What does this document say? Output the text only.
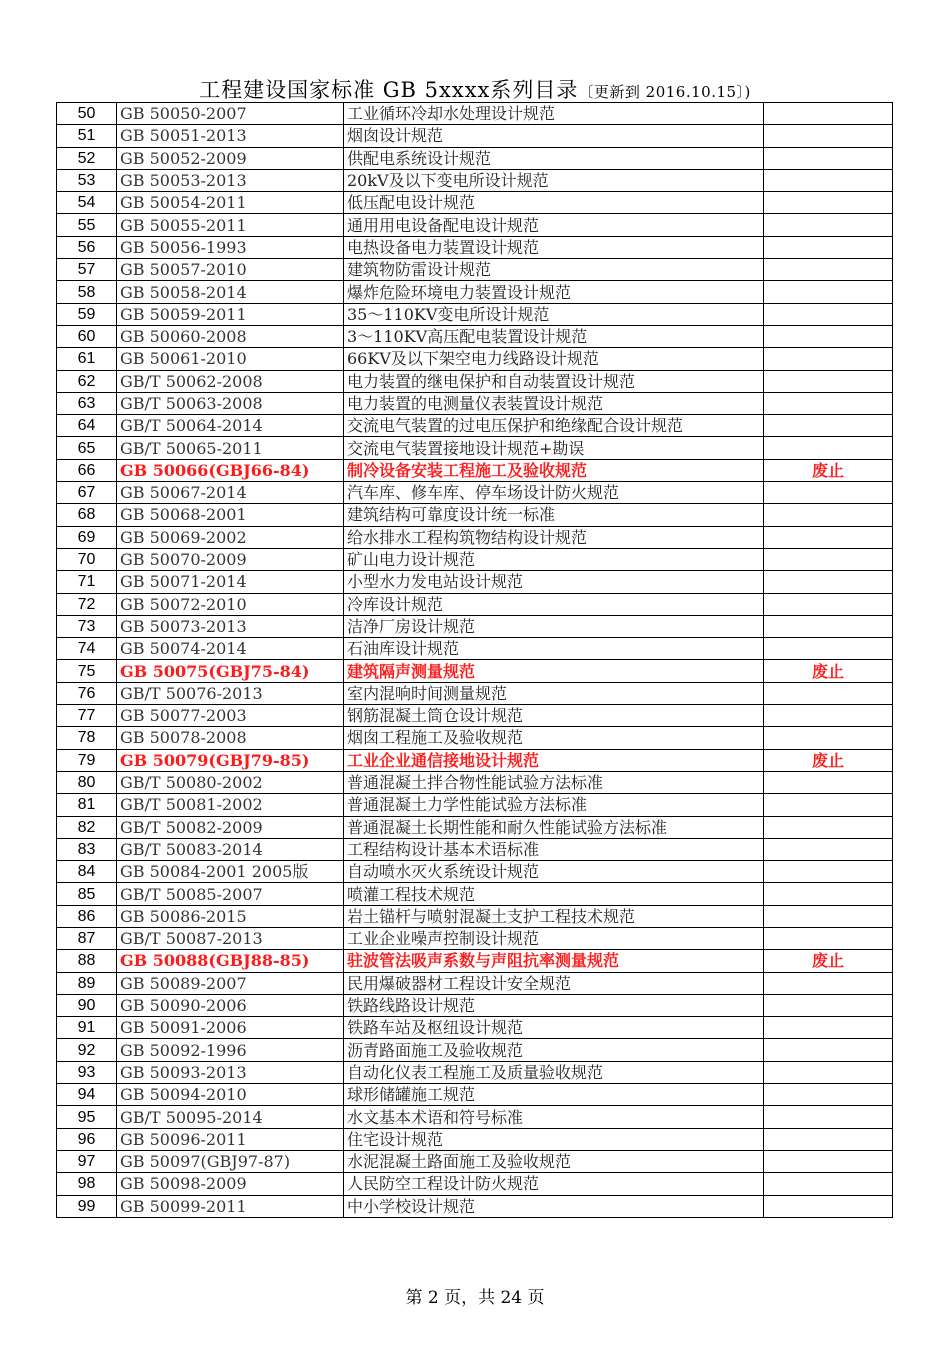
工程建设国家标准 GB 5xxxx系列目录〔更新到 2016.10.15〕)
50	GB 50050-2007	工业循环冷却水处理设计规范	
51	GB 50051-2013	烟囱设计规范	
52	GB 50052-2009	供配电系统设计规范	
53	GB 50053-2013	20kV及以下变电所设计规范	
54	GB 50054-2011	低压配电设计规范	
55	GB 50055-2011	通用用电设备配电设计规范	
56	GB 50056-1993	电热设备电力装置设计规范	
57	GB 50057-2010	建筑物防雷设计规范	
58	GB 50058-2014	爆炸危险环境电力装置设计规范	
59	GB 50059-2011	35～110KV变电所设计规范	
60	GB 50060-2008	3～110KV高压配电装置设计规范	
61	GB 50061-2010	66KV及以下架空电力线路设计规范	
62	GB/T 50062-2008	电力装置的继电保护和自动装置设计规范	
63	GB/T 50063-2008	电力装置的电测量仪表装置设计规范	
64	GB/T 50064-2014	交流电气装置的过电压保护和绝缘配合设计规范	
65	GB/T 50065-2011	交流电气装置接地设计规范+勘误	
66	GB 50066(GBJ66-84)	制冷设备安装工程施工及验收规范	废止
67	GB 50067-2014	汽车库、修车库、停车场设计防火规范	
68	GB 50068-2001	建筑结构可靠度设计统一标准	
69	GB 50069-2002	给水排水工程构筑物结构设计规范	
70	GB 50070-2009	矿山电力设计规范	
71	GB 50071-2014	小型水力发电站设计规范	
72	GB 50072-2010	冷库设计规范	
73	GB 50073-2013	洁净厂房设计规范	
74	GB 50074-2014	石油库设计规范	
75	GB 50075(GBJ75-84)	建筑隔声测量规范	废止
76	GB/T 50076-2013	室内混响时间测量规范	
77	GB 50077-2003	钢筋混凝土筒仓设计规范	
78	GB 50078-2008	烟囱工程施工及验收规范	
79	GB 50079(GBJ79-85)	工业企业通信接地设计规范	废止
80	GB/T 50080-2002	普通混凝土拌合物性能试验方法标准	
81	GB/T 50081-2002	普通混凝土力学性能试验方法标准	
82	GB/T 50082-2009	普通混凝土长期性能和耐久性能试验方法标准	
83	GB/T 50083-2014	工程结构设计基本术语标准	
84	GB 50084-2001 2005版	自动喷水灭火系统设计规范	
85	GB/T 50085-2007	喷灌工程技术规范	
86	GB 50086-2015	岩土锚杆与喷射混凝土支护工程技术规范	
87	GB/T 50087-2013	工业企业噪声控制设计规范	
88	GB 50088(GBJ88-85)	驻波管法吸声系数与声阻抗率测量规范	废止
89	GB 50089-2007	民用爆破器材工程设计安全规范	
90	GB 50090-2006	铁路线路设计规范	
91	GB 50091-2006	铁路车站及枢纽设计规范	
92	GB 50092-1996	沥青路面施工及验收规范	
93	GB 50093-2013	自动化仪表工程施工及质量验收规范	
94	GB 50094-2010	球形储罐施工规范	
95	GB/T 50095-2014	水文基本术语和符号标准	
96	GB 50096-2011	住宅设计规范	
97	GB 50097(GBJ97-87)	水泥混凝土路面施工及验收规范	
98	GB 50098-2009	人民防空工程设计防火规范	
99	GB 50099-2011	中小学校设计规范	
第 2 页，共 24 页
